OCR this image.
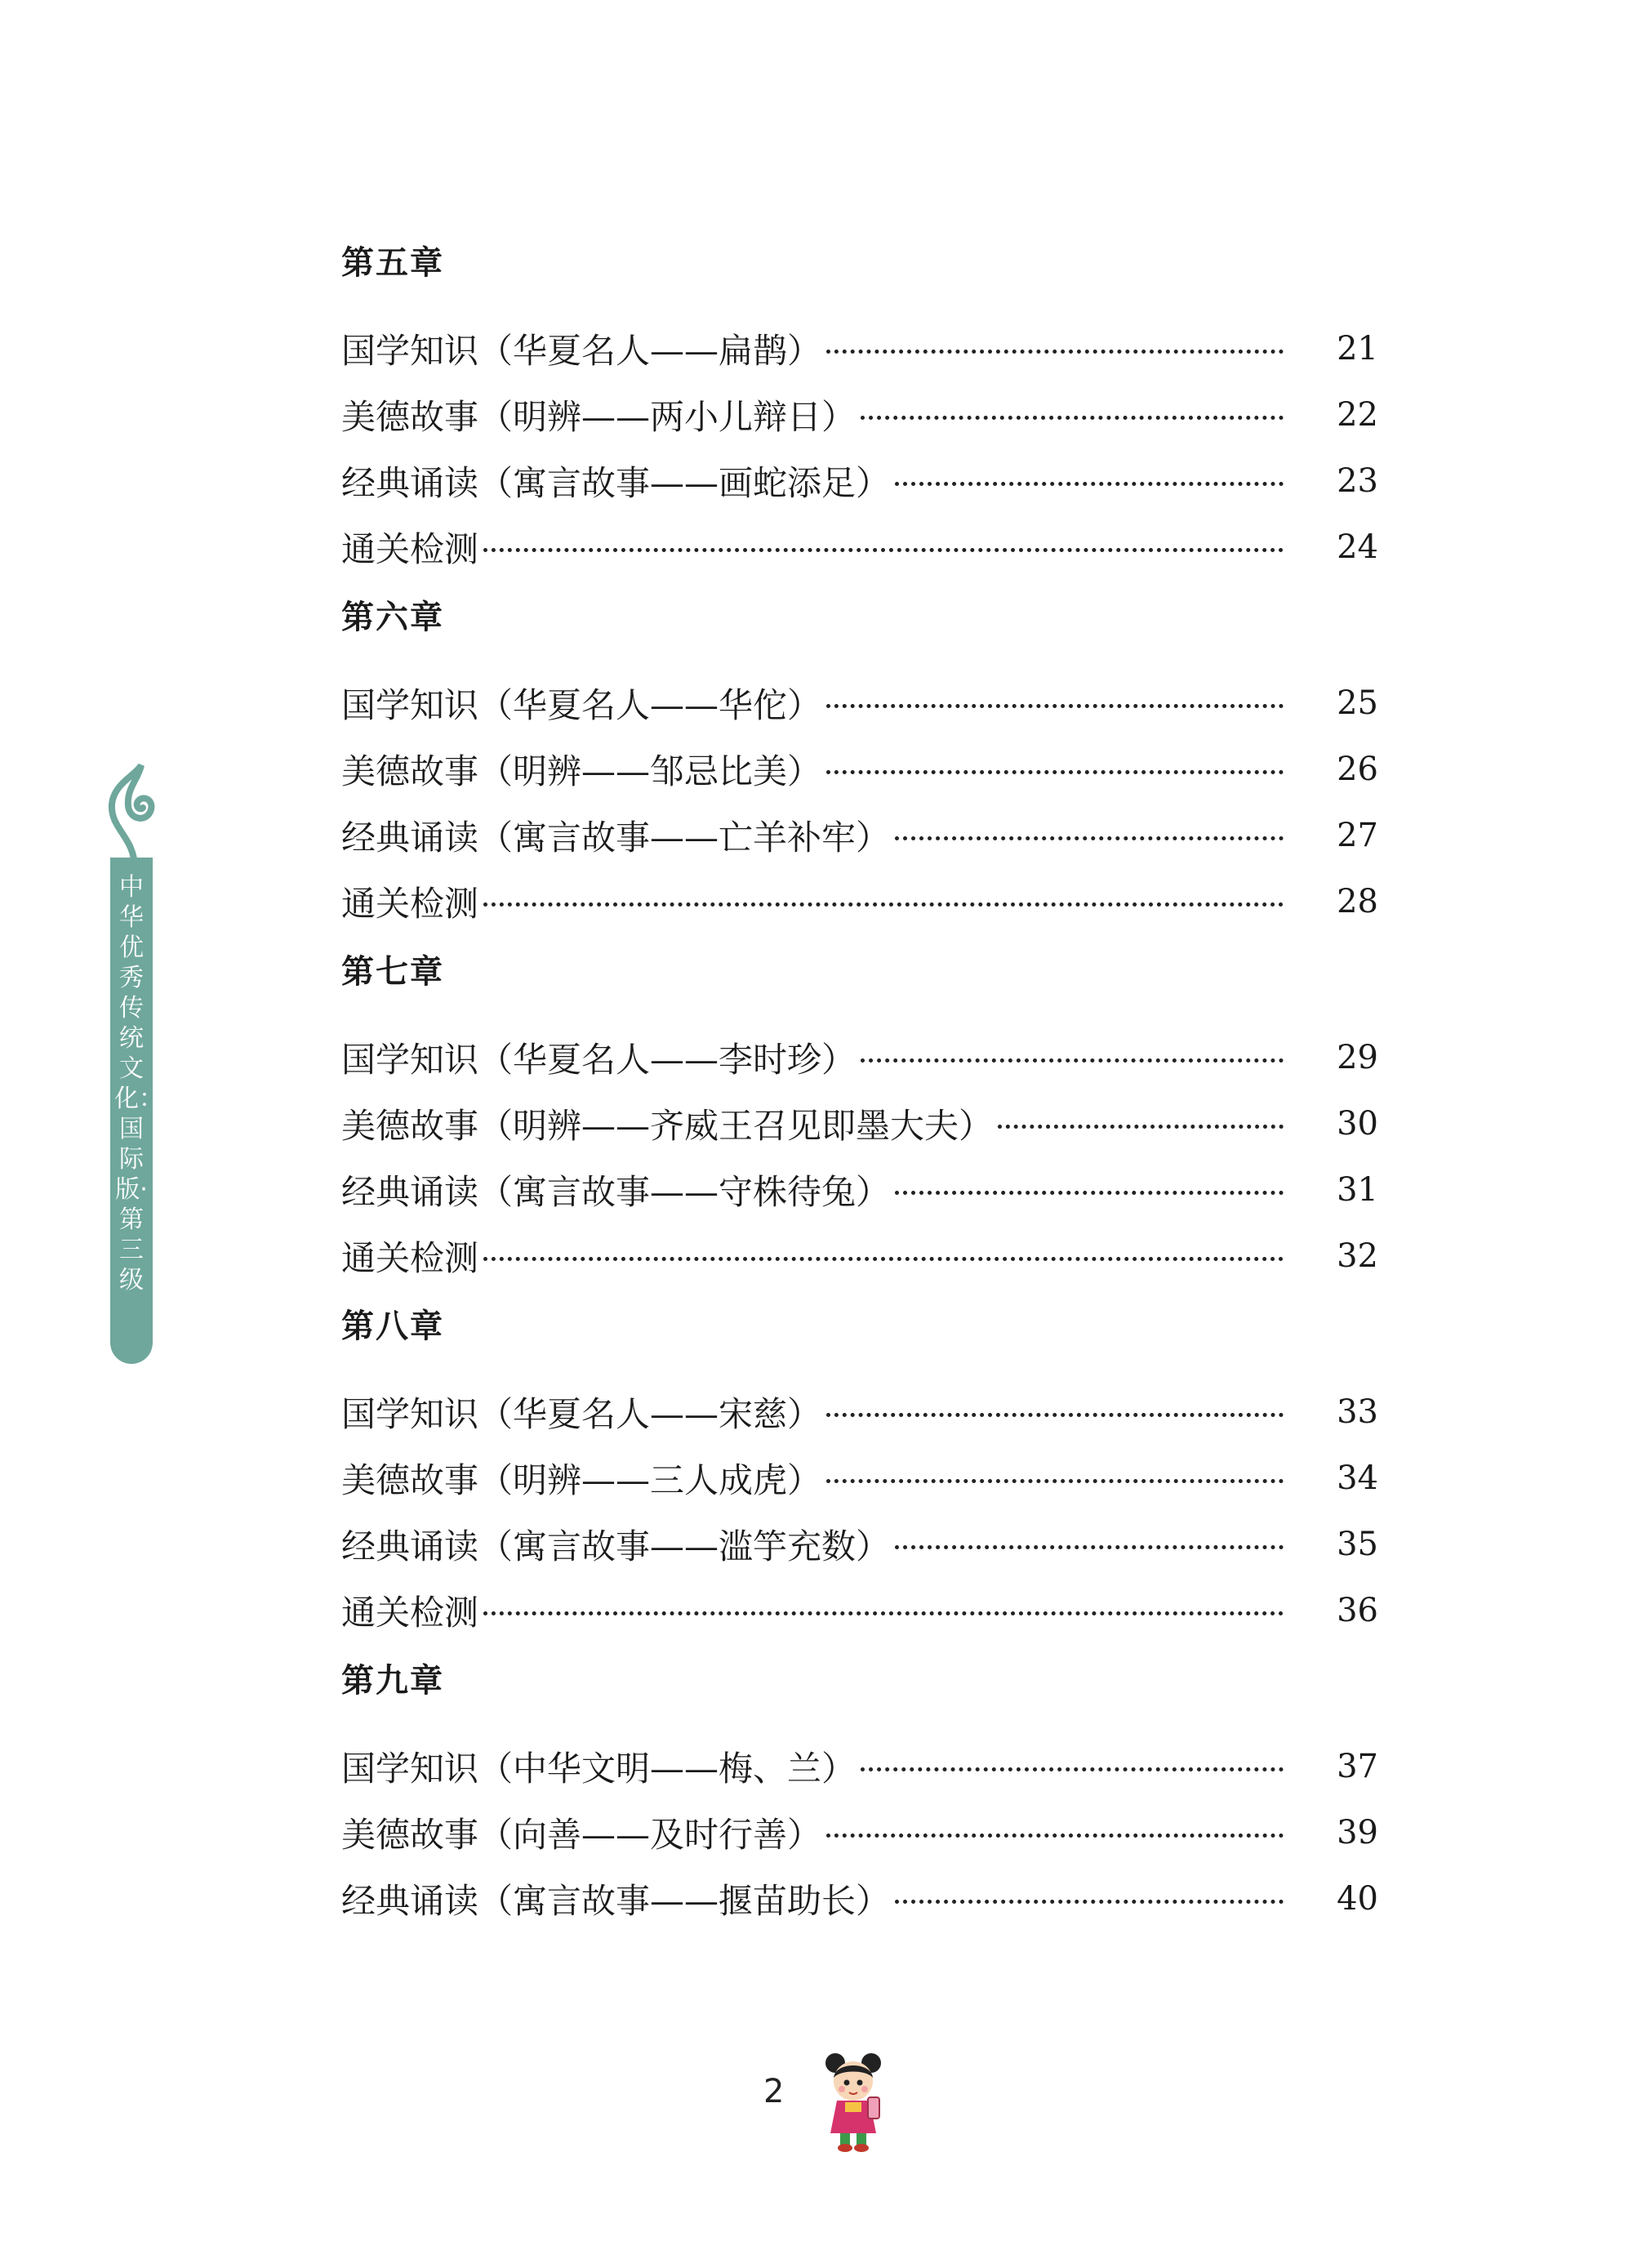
中华优秀传统文化：国际版·第三级
第五章
国学知识（华夏名人——扁鹊）	21
美德故事（明辨——两小儿辩日）	22
经典诵读（寓言故事——画蛇添足）	23
通关检测	24
第六章
国学知识（华夏名人——华佗）	25
美德故事（明辨——邹忌比美）	26
经典诵读（寓言故事——亡羊补牢）	27
通关检测	28
第七章
国学知识（华夏名人——李时珍）	29
美德故事（明辨——齐威王召见即墨大夫）	30
经典诵读（寓言故事——守株待兔）	31
通关检测	32
第八章
国学知识（华夏名人——宋慈）	33
美德故事（明辨——三人成虎）	34
经典诵读（寓言故事——滥竽充数）	35
通关检测	36
第九章
国学知识（中华文明——梅、兰）	37
美德故事（向善——及时行善）	39
经典诵读（寓言故事——揠苗助长）	40
2
